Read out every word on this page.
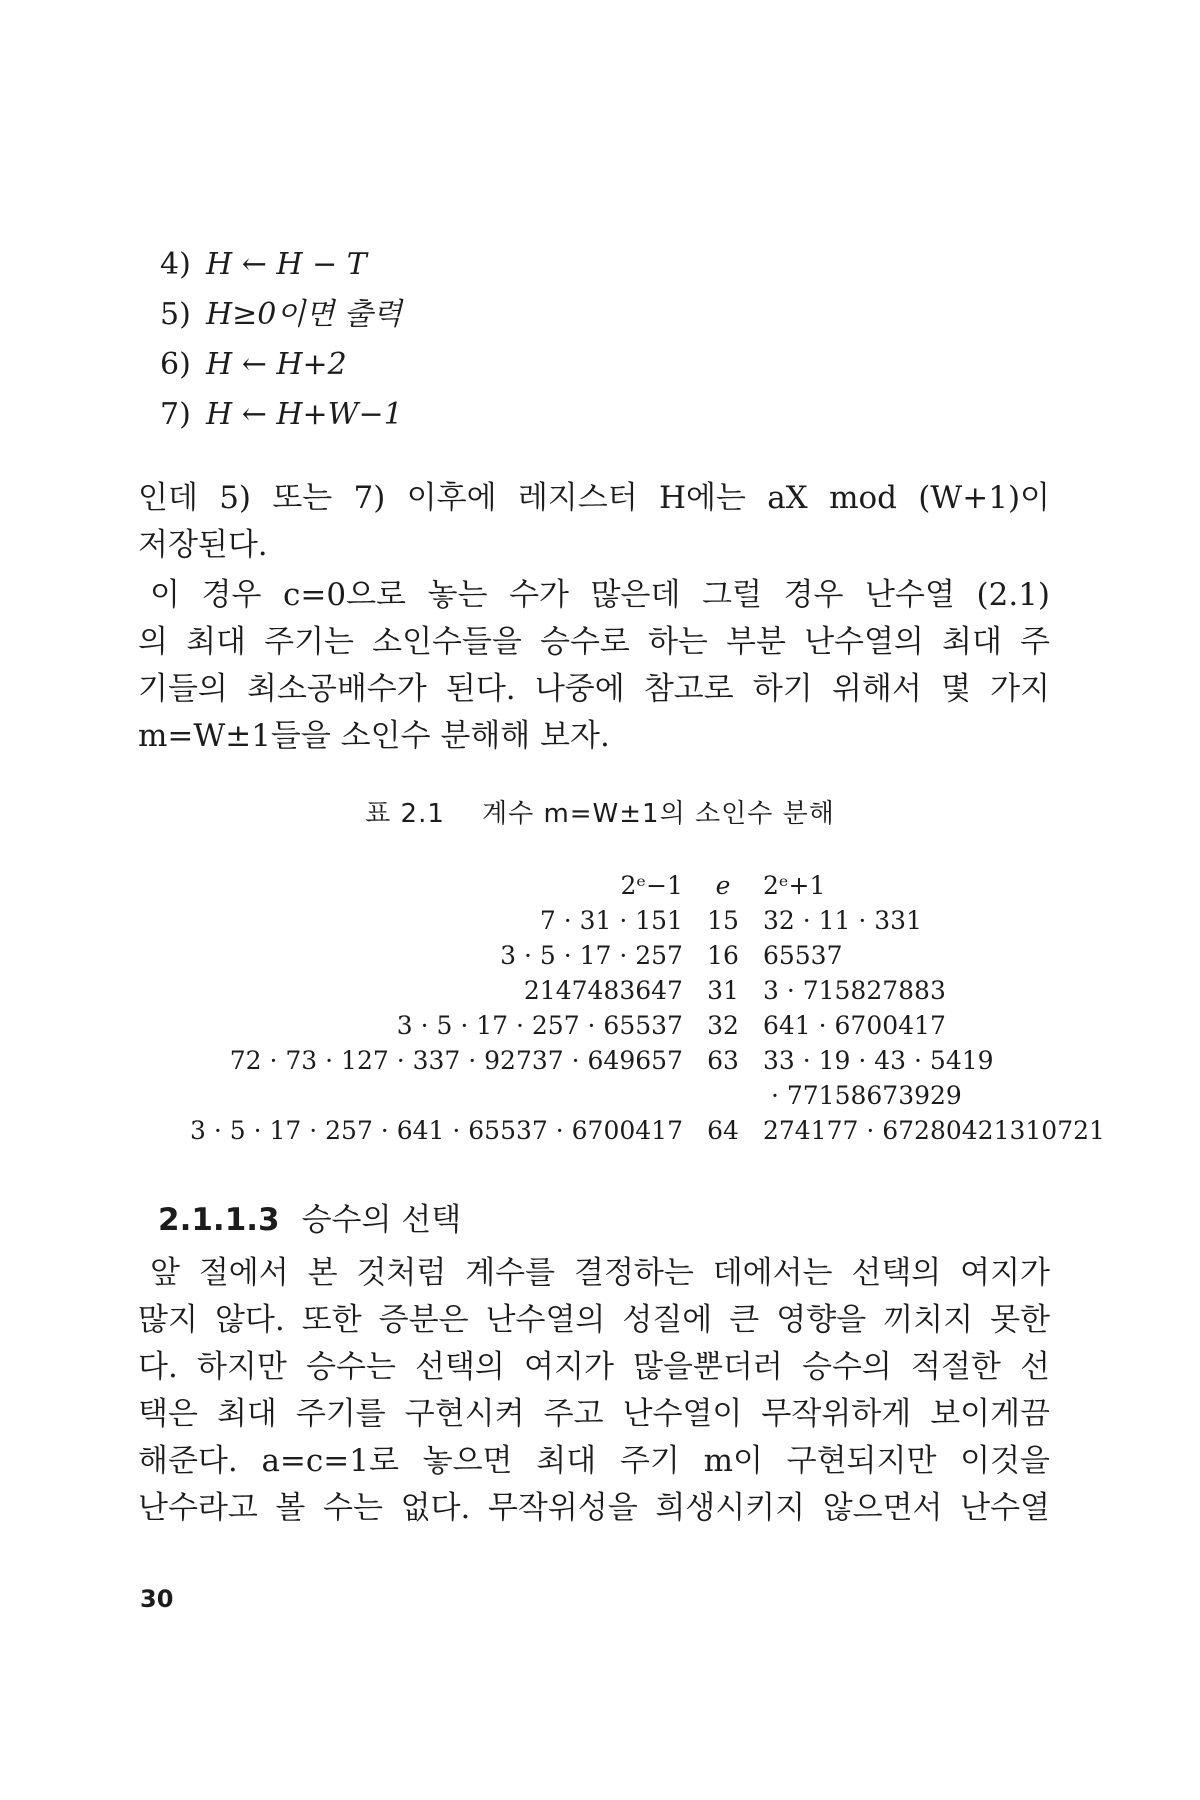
4) H ← H − T
5) H≥0이면 출력
6) H ← H+2
7) H ← H+W−1
인데 5) 또는 7) 이후에 레지스터 H에는 aX mod (W+1)이
저장된다.
이 경우 c=0으로 놓는 수가 많은데 그럴 경우 난수열 (2.1)
의 최대 주기는 소인수들을 승수로 하는 부분 난수열의 최대 주
기들의 최소공배수가 된다. 나중에 참고로 하기 위해서 몇 가지
m=W±1들을 소인수 분해해 보자.
표 2.1 계수 m=W±1의 소인수 분해
2ᵉ−1	e	2ᵉ+1
7 · 31 · 151	15	32 · 11 · 331
3 · 5 · 17 · 257	16	65537
2147483647	31	3 · 715827883
3 · 5 · 17 · 257 · 65537	32	641 · 6700417
72 · 73 · 127 · 337 · 92737 · 649657	63	33 · 19 · 43 · 5419
		· 77158673929
3 · 5 · 17 · 257 · 641 · 65537 · 6700417	64	274177 · 67280421310721
2.1.1.3 승수의 선택
앞 절에서 본 것처럼 계수를 결정하는 데에서는 선택의 여지가
많지 않다. 또한 증분은 난수열의 성질에 큰 영향을 끼치지 못한
다. 하지만 승수는 선택의 여지가 많을뿐더러 승수의 적절한 선
택은 최대 주기를 구현시켜 주고 난수열이 무작위하게 보이게끔
해준다. a=c=1로 놓으면 최대 주기 m이 구현되지만 이것을
난수라고 볼 수는 없다. 무작위성을 희생시키지 않으면서 난수열
30
